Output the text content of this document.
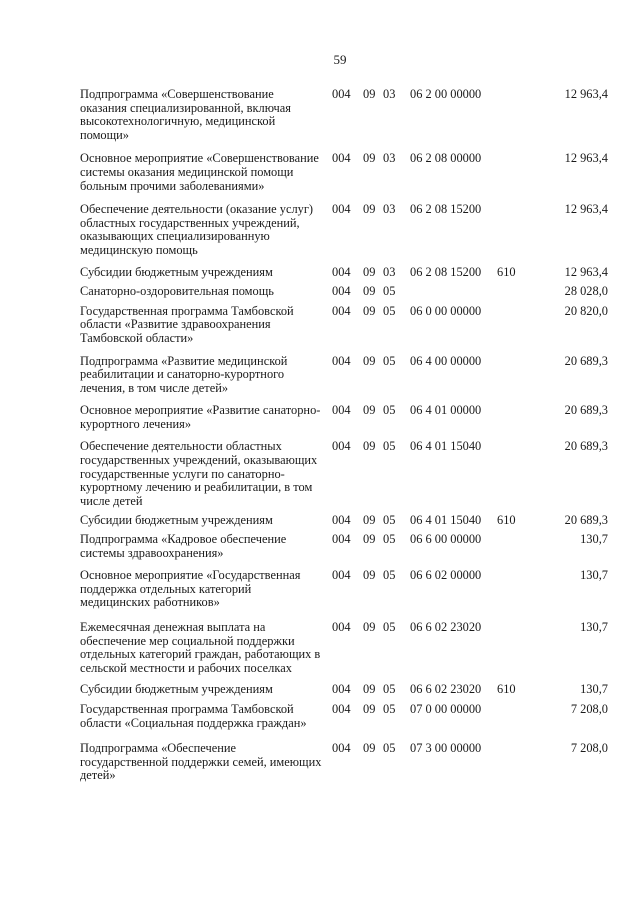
59
Подпрограмма «Совершенствование оказания специализированной, включая высокотехнологичную, медицинской помощи»
004 09 03 06 2 00 00000	12 963,4
Основное мероприятие «Совершенствование системы оказания медицинской помощи больным прочими заболеваниями»
004 09 03 06 2 08 00000	12 963,4
Обеспечение деятельности (оказание услуг) областных государственных учреждений, оказывающих специализированную медицинскую помощь
004 09 03 06 2 08 15200	12 963,4
Субсидии бюджетным учреждениям	004 09 03 06 2 08 15200 610	12 963,4
Санаторно-оздоровительная помощь	004 09 05	28 028,0
Государственная программа Тамбовской области «Развитие здравоохранения Тамбовской области»
004 09 05 06 0 00 00000	20 820,0
Подпрограмма «Развитие медицинской реабилитации и санаторно-курортного лечения, в том числе детей»
004 09 05 06 4 00 00000	20 689,3
Основное мероприятие «Развитие санаторно-курортного лечения»
004 09 05 06 4 01 00000	20 689,3
Обеспечение деятельности областных государственных учреждений, оказывающих государственные услуги по санаторно-курортному лечению и реабилитации, в том числе детей
004 09 05 06 4 01 15040	20 689,3
Субсидии бюджетным учреждениям	004 09 05 06 4 01 15040 610	20 689,3
Подпрограмма «Кадровое обеспечение системы здравоохранения»
004 09 05 06 6 00 00000	130,7
Основное мероприятие «Государственная поддержка отдельных категорий медицинских работников»
004 09 05 06 6 02 00000	130,7
Ежемесячная денежная выплата на обеспечение мер социальной поддержки отдельных категорий граждан, работающих в сельской местности и рабочих поселках
004 09 05 06 6 02 23020	130,7
Субсидии бюджетным учреждениям	004 09 05 06 6 02 23020 610	130,7
Государственная программа Тамбовской области «Социальная поддержка граждан»
004 09 05 07 0 00 00000	7 208,0
Подпрограмма «Обеспечение государственной поддержки семей, имеющих детей»
004 09 05 07 3 00 00000	7 208,0
